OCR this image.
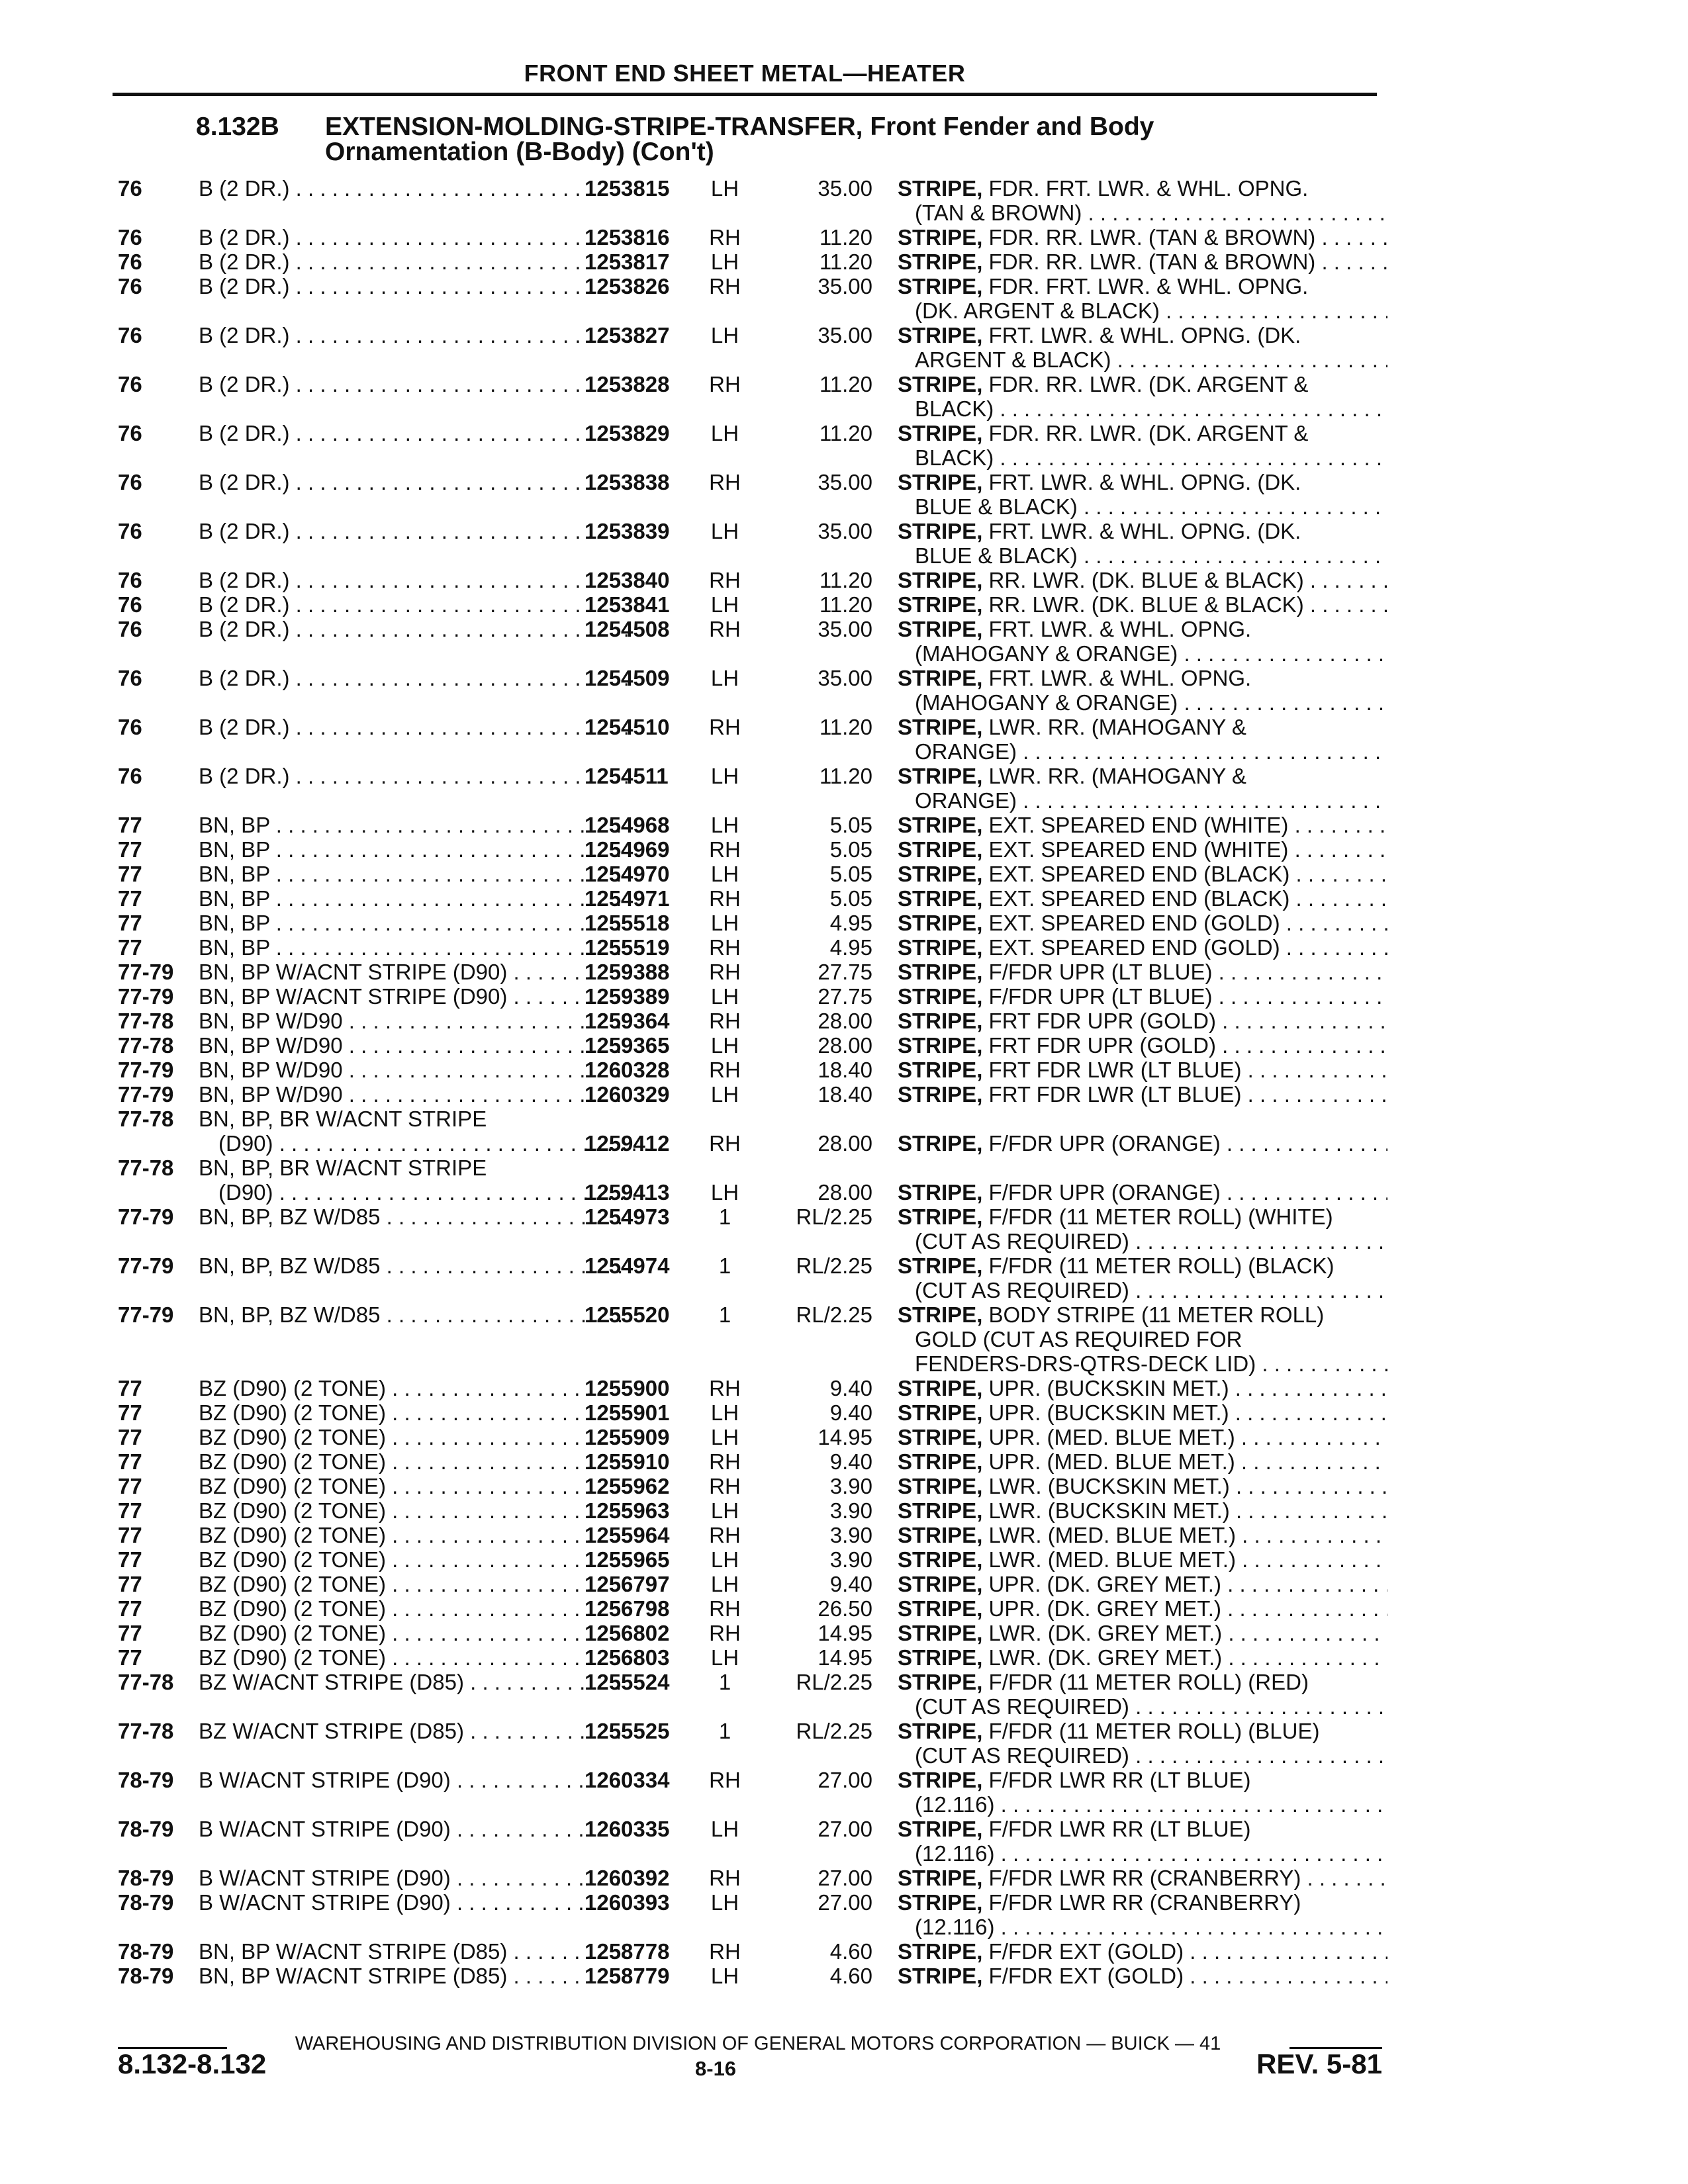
FRONT END SHEET METAL—HEATER
8.132B EXTENSION-MOLDING-STRIPE-TRANSFER, Front Fender and Body
Ornamentation (B-Body) (Con't)
76	B (2 DR.) . . .	1253815 LH	35.00 STRIPE, FDR. FRT. LWR. & WHL. OPNG.
(TAN & BROWN) . . .
76	B (2 DR.) . . .	1253816 RH	11.20 STRIPE, FDR. RR. LWR. (TAN & BROWN) . . .
76	B (2 DR.) . . .	1253817 LH	11.20 STRIPE, FDR. RR. LWR. (TAN & BROWN) . . .
76	B (2 DR.) . . .	1253826 RH	35.00 STRIPE, FDR. FRT. LWR. & WHL. OPNG.
(DK. ARGENT & BLACK) . . .
76	B (2 DR.) . . .	1253827 LH	35.00 STRIPE, FRT. LWR. & WHL. OPNG. (DK.
ARGENT & BLACK) . . .
76	B (2 DR.) . . .	1253828 RH	11.20 STRIPE, FDR. RR. LWR. (DK. ARGENT &
BLACK) . . .
76	B (2 DR.) . . .	1253829 LH	11.20 STRIPE, FDR. RR. LWR. (DK. ARGENT &
BLACK) . . .
76	B (2 DR.) . . .	1253838 RH	35.00 STRIPE, FRT. LWR. & WHL. OPNG. (DK.
BLUE & BLACK) . . .
76	B (2 DR.) . . .	1253839 LH	35.00 STRIPE, FRT. LWR. & WHL. OPNG. (DK.
BLUE & BLACK) . . .
76	B (2 DR.) . . .	1253840 RH	11.20 STRIPE, RR. LWR. (DK. BLUE & BLACK) . . .
76	B (2 DR.) . . .	1253841 LH	11.20 STRIPE, RR. LWR. (DK. BLUE & BLACK) . . .
76	B (2 DR.) . . .	1254508 RH	35.00 STRIPE, FRT. LWR. & WHL. OPNG.
(MAHOGANY & ORANGE) . . .
76	B (2 DR.) . . .	1254509 LH	35.00 STRIPE, FRT. LWR. & WHL. OPNG.
(MAHOGANY & ORANGE) . . .
76	B (2 DR.) . . .	1254510 RH	11.20 STRIPE, LWR. RR. (MAHOGANY &
ORANGE) . . .
76	B (2 DR.) . . .	1254511 LH	11.20 STRIPE, LWR. RR. (MAHOGANY &
ORANGE) . . .
77	BN, BP . . .	1254968 LH	5.05 STRIPE, EXT. SPEARED END (WHITE) . . .
77	BN, BP . . .	1254969 RH	5.05 STRIPE, EXT. SPEARED END (WHITE) . . .
77	BN, BP . . .	1254970 LH	5.05 STRIPE, EXT. SPEARED END (BLACK) . . .
77	BN, BP . . .	1254971 RH	5.05 STRIPE, EXT. SPEARED END (BLACK) . . .
77	BN, BP . . .	1255518 LH	4.95 STRIPE, EXT. SPEARED END (GOLD) . . .
77	BN, BP . . .	1255519 RH	4.95 STRIPE, EXT. SPEARED END (GOLD) . . .
77-79 BN, BP W/ACNT STRIPE (D90) . . .	1259388 RH	27.75 STRIPE, F/FDR UPR (LT BLUE) . . .
77-79 BN, BP W/ACNT STRIPE (D90) . . .	1259389 LH	27.75 STRIPE, F/FDR UPR (LT BLUE) . . .
77-78 BN, BP W/D90 . . .	1259364 RH	28.00 STRIPE, FRT FDR UPR (GOLD) . . .
77-78 BN, BP W/D90 . . .	1259365 LH	28.00 STRIPE, FRT FDR UPR (GOLD) . . .
77-79 BN, BP W/D90 . . .	1260328 RH	18.40 STRIPE, FRT FDR LWR (LT BLUE) . . .
77-79 BN, BP W/D90 . . .	1260329 LH	18.40 STRIPE, FRT FDR LWR (LT BLUE) . . .
77-78 BN, BP, BR W/ACNT STRIPE
(D90) . . .	1259412 RH	28.00 STRIPE, F/FDR UPR (ORANGE) . . .
77-78 BN, BP, BR W/ACNT STRIPE
(D90) . . .	1259413 LH	28.00 STRIPE, F/FDR UPR (ORANGE) . . .
77-79 BN, BP, BZ W/D85 . . .	1254973	1	RL/2.25 STRIPE, F/FDR (11 METER ROLL) (WHITE)
(CUT AS REQUIRED) . . .
77-79 BN, BP, BZ W/D85 . . .	1254974	1	RL/2.25 STRIPE, F/FDR (11 METER ROLL) (BLACK)
(CUT AS REQUIRED) . . .
77-79 BN, BP, BZ W/D85 . . .	1255520	1	RL/2.25 STRIPE, BODY STRIPE (11 METER ROLL)
GOLD (CUT AS REQUIRED FOR
FENDERS-DRS-QTRS-DECK LID) . . .
77	BZ (D90) (2 TONE) . . .	1255900 RH	9.40 STRIPE, UPR. (BUCKSKIN MET.) . . .
77	BZ (D90) (2 TONE) . . .	1255901 LH	9.40 STRIPE, UPR. (BUCKSKIN MET.) . . .
77	BZ (D90) (2 TONE) . . .	1255909 LH	14.95 STRIPE, UPR. (MED. BLUE MET.) . . .
77	BZ (D90) (2 TONE) . . .	1255910 RH	9.40 STRIPE, UPR. (MED. BLUE MET.) . . .
77	BZ (D90) (2 TONE) . . .	1255962 RH	3.90 STRIPE, LWR. (BUCKSKIN MET.) . . .
77	BZ (D90) (2 TONE) . . .	1255963 LH	3.90 STRIPE, LWR. (BUCKSKIN MET.) . . .
77	BZ (D90) (2 TONE) . . .	1255964 RH	3.90 STRIPE, LWR. (MED. BLUE MET.) . . .
77	BZ (D90) (2 TONE) . . .	1255965 LH	3.90 STRIPE, LWR. (MED. BLUE MET.) . . .
77	BZ (D90) (2 TONE) . . .	1256797 LH	9.40 STRIPE, UPR. (DK. GREY MET.) . . .
77	BZ (D90) (2 TONE) . . .	1256798 RH	26.50 STRIPE, UPR. (DK. GREY MET.) . . .
77	BZ (D90) (2 TONE) . . .	1256802 RH	14.95 STRIPE, LWR. (DK. GREY MET.) . . .
77	BZ (D90) (2 TONE) . . .	1256803 LH	14.95 STRIPE, LWR. (DK. GREY MET.) . . .
77-78 BZ W/ACNT STRIPE (D85) . . .	1255524	1	RL/2.25 STRIPE, F/FDR (11 METER ROLL) (RED)
(CUT AS REQUIRED) . . .
77-78 BZ W/ACNT STRIPE (D85) . . .	1255525	1	RL/2.25 STRIPE, F/FDR (11 METER ROLL) (BLUE)
(CUT AS REQUIRED) . . .
78-79 B W/ACNT STRIPE (D90) . . .	1260334 RH	27.00 STRIPE, F/FDR LWR RR (LT BLUE)
(12.116) . . .
78-79 B W/ACNT STRIPE (D90) . . .	1260335 LH	27.00 STRIPE, F/FDR LWR RR (LT BLUE)
(12.116) . . .
78-79 B W/ACNT STRIPE (D90) . . .	1260392 RH	27.00 STRIPE, F/FDR LWR RR (CRANBERRY) . . .
78-79 B W/ACNT STRIPE (D90) . . .	1260393 LH	27.00 STRIPE, F/FDR LWR RR (CRANBERRY)
(12.116) . . .
78-79 BN, BP W/ACNT STRIPE (D85) . . .	1258778 RH	4.60 STRIPE, F/FDR EXT (GOLD) . . .
78-79 BN, BP W/ACNT STRIPE (D85) . . .	1258779 LH	4.60 STRIPE, F/FDR EXT (GOLD) . . .
WAREHOUSING AND DISTRIBUTION DIVISION OF GENERAL MOTORS CORPORATION — BUICK — 41
8.132-8.132	8-16	REV. 5-81
